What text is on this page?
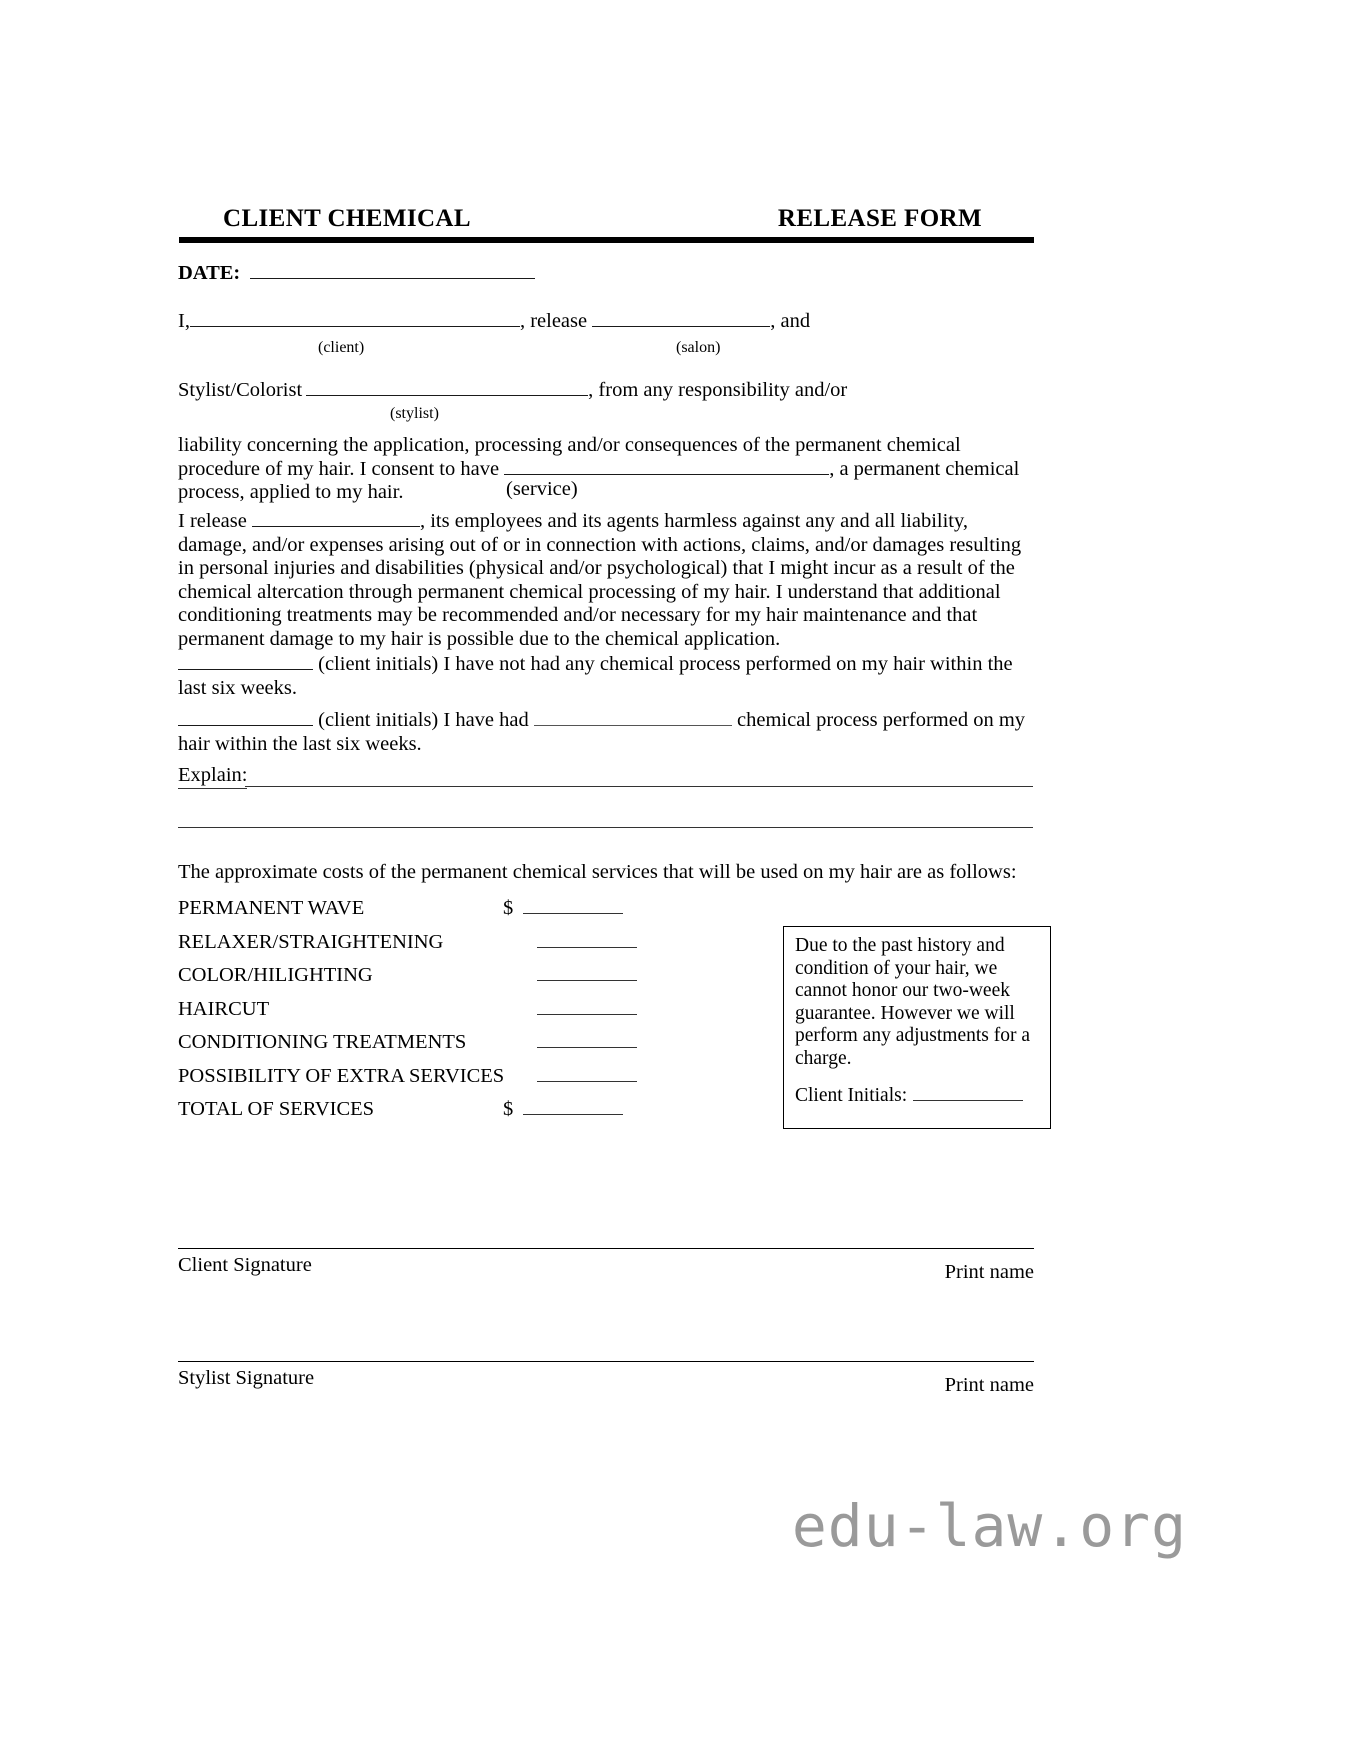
CLIENT CHEMICAL	RELEASE FORM
DATE:
I,	, release	, and
(client)	(salon)
Stylist/Colorist	, from any responsibility and/or
(stylist)
liability concerning the application, processing and/or consequences of the permanent chemical procedure of my hair. I consent to have	, a permanent chemical process, applied to my hair.	(service)
I release	, its employees and its agents harmless against any and all liability, damage, and/or expenses arising out of or in connection with actions, claims, and/or damages resulting in personal injuries and disabilities (physical and/or psychological) that I might incur as a result of the chemical altercation through permanent chemical processing of my hair. I understand that additional conditioning treatments may be recommended and/or necessary for my hair maintenance and that permanent damage to my hair is possible due to the chemical application.
(client initials) I have not had any chemical process performed on my hair within the last six weeks.
(client initials) I have had	chemical process performed on my hair within the last six weeks.
Explain:
The approximate costs of the permanent chemical services that will be used on my hair are as follows:
PERMANENT WAVE	$
RELAXER/STRAIGHTENING
COLOR/HILIGHTING
HAIRCUT
CONDITIONING TREATMENTS
POSSIBILITY OF EXTRA SERVICES
TOTAL OF SERVICES	$
Due to the past history and condition of your hair, we cannot honor our two-week guarantee. However we will perform any adjustments for a charge.
Client Initials:
Print name
Client Signature
Print name
Stylist Signature
edu-law.org
